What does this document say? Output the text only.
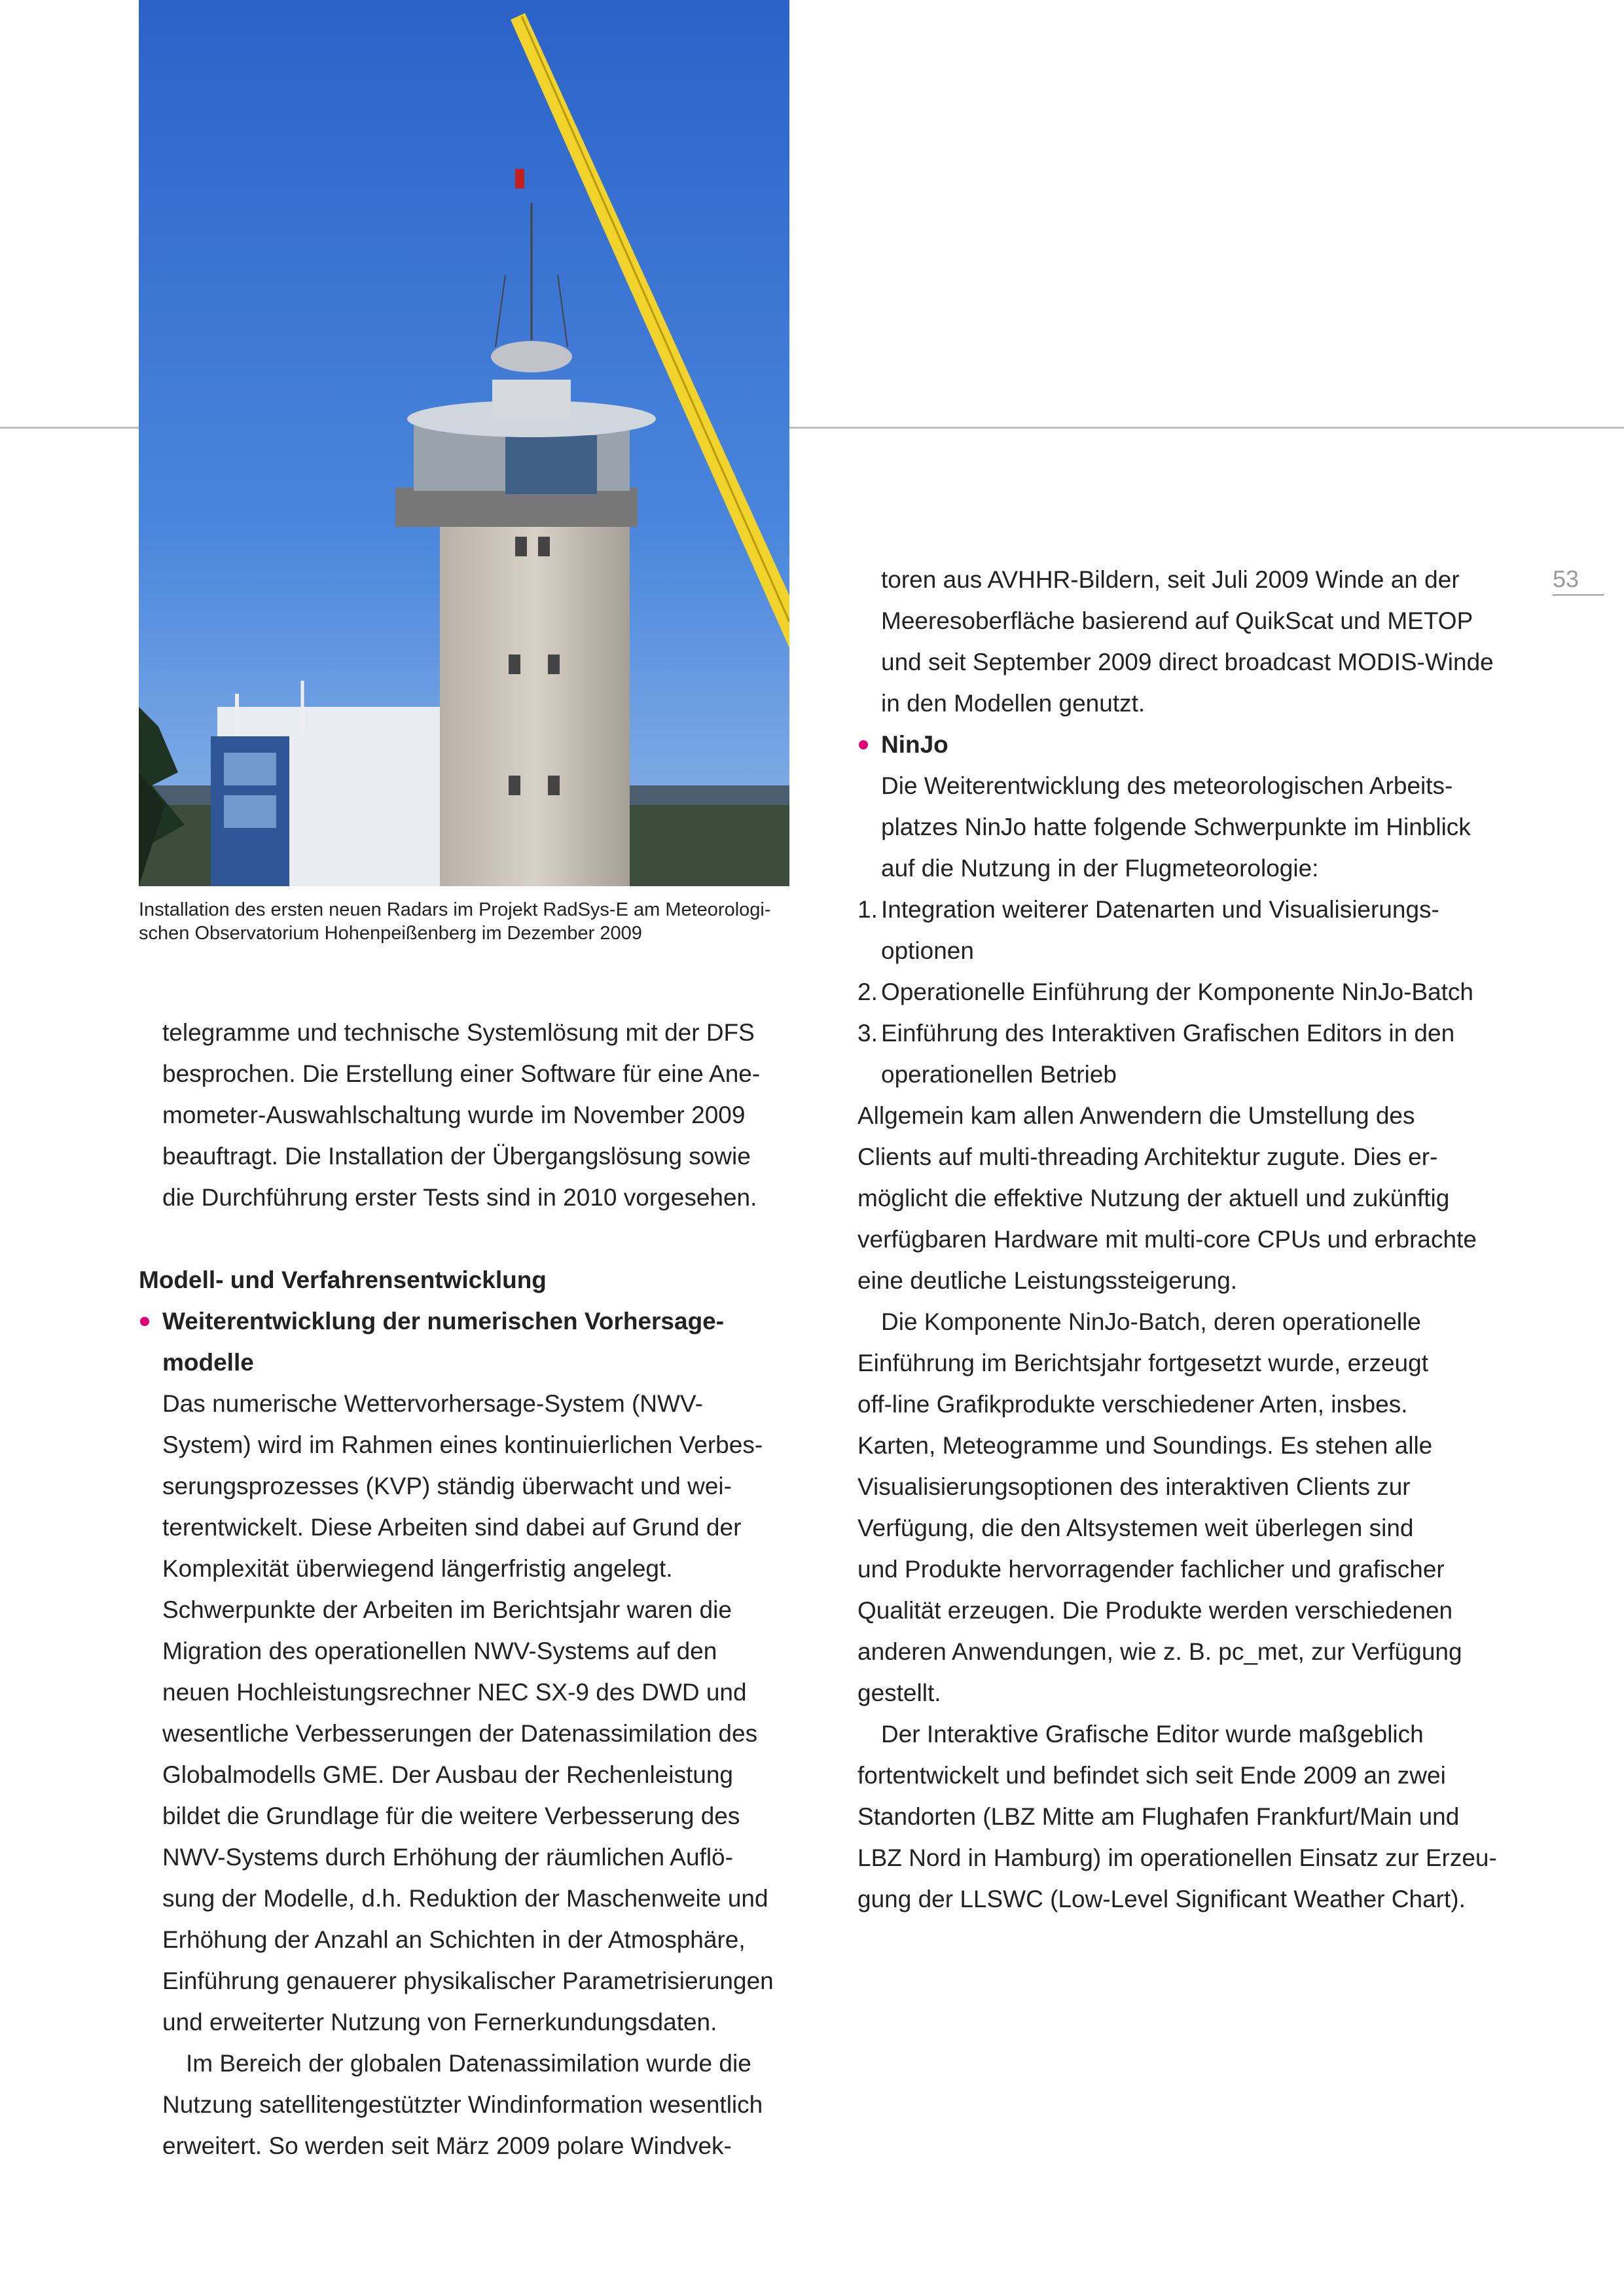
Installation des ersten neuen Radars im Projekt RadSys-E am Meteorologi-
schen Observatorium Hohenpeißenberg im Dezember 2009
53

telegramme und technische Systemlösung mit der DFS

besprochen. Die Erstellung einer Software für eine Ane-

mometer-Auswahlschaltung wurde im November 2009

beauftragt. Die Installation der Übergangslösung sowie

die Durchführung erster Tests sind in 2010 vorgesehen.

Modell- und Verfahrensentwicklung

Weiterentwicklung der numerischen Vorhersage-

modelle

Das numerische Wettervorhersage-System (NWV-

System) wird im Rahmen eines kontinuierlichen Verbes-

serungsprozesses (KVP) ständig überwacht und wei-

terentwickelt. Diese Arbeiten sind dabei auf Grund der

Komplexität überwiegend längerfristig angelegt.

Schwerpunkte der Arbeiten im Berichtsjahr waren die

Migration des operationellen NWV-Systems auf den

neuen Hochleistungsrechner NEC SX-9 des DWD und

wesentliche Verbesserungen der Datenassimilation des

Globalmodells GME. Der Ausbau der Rechenleistung

bildet die Grundlage für die weitere Verbesserung des

NWV-Systems durch Erhöhung der räumlichen Auflö-

sung der Modelle, d.h. Reduktion der Maschenweite und

Erhöhung der Anzahl an Schichten in der Atmosphäre,

Einführung genauerer physikalischer Parametrisierungen

und erweiterter Nutzung von Fernerkundungsdaten.

Im Bereich der globalen Datenassimilation wurde die

Nutzung satellitengestützter Windinformation wesentlich

erweitert. So werden seit März 2009 polare Windvek-

toren aus AVHHR-Bildern, seit Juli 2009 Winde an der

Meeresoberfläche basierend auf QuikScat und METOP

und seit September 2009 direct broadcast MODIS-Winde

in den Modellen genutzt.

NinJo

Die Weiterentwicklung des meteorologischen Arbeits-

platzes NinJo hatte folgende Schwerpunkte im Hinblick

auf die Nutzung in der Flugmeteorologie:

1. Integration weiterer Datenarten und Visualisierungs-

optionen

2. Operationelle Einführung der Komponente NinJo-Batch

3. Einführung des Interaktiven Grafischen Editors in den

operationellen Betrieb

Allgemein kam allen Anwendern die Umstellung des

Clients auf multi-threading Architektur zugute. Dies er-

möglicht die effektive Nutzung der aktuell und zukünftig

verfügbaren Hardware mit multi-core CPUs und erbrachte

eine deutliche Leistungssteigerung.

Die Komponente NinJo-Batch, deren operationelle

Einführung im Berichtsjahr fortgesetzt wurde, erzeugt

off-line Grafikprodukte verschiedener Arten, insbes.

Karten, Meteogramme und Soundings. Es stehen alle

Visualisierungsoptionen des interaktiven Clients zur

Verfügung, die den Altsystemen weit überlegen sind

und Produkte hervorragender fachlicher und grafischer

Qualität erzeugen. Die Produkte werden verschiedenen

anderen Anwendungen, wie z. B. pc_met, zur Verfügung

gestellt.

Der Interaktive Grafische Editor wurde maßgeblich

fortentwickelt und befindet sich seit Ende 2009 an zwei

Standorten (LBZ Mitte am Flughafen Frankfurt/Main und

LBZ Nord in Hamburg) im operationellen Einsatz zur Erzeu-

gung der LLSWC (Low-Level Significant Weather Chart).
